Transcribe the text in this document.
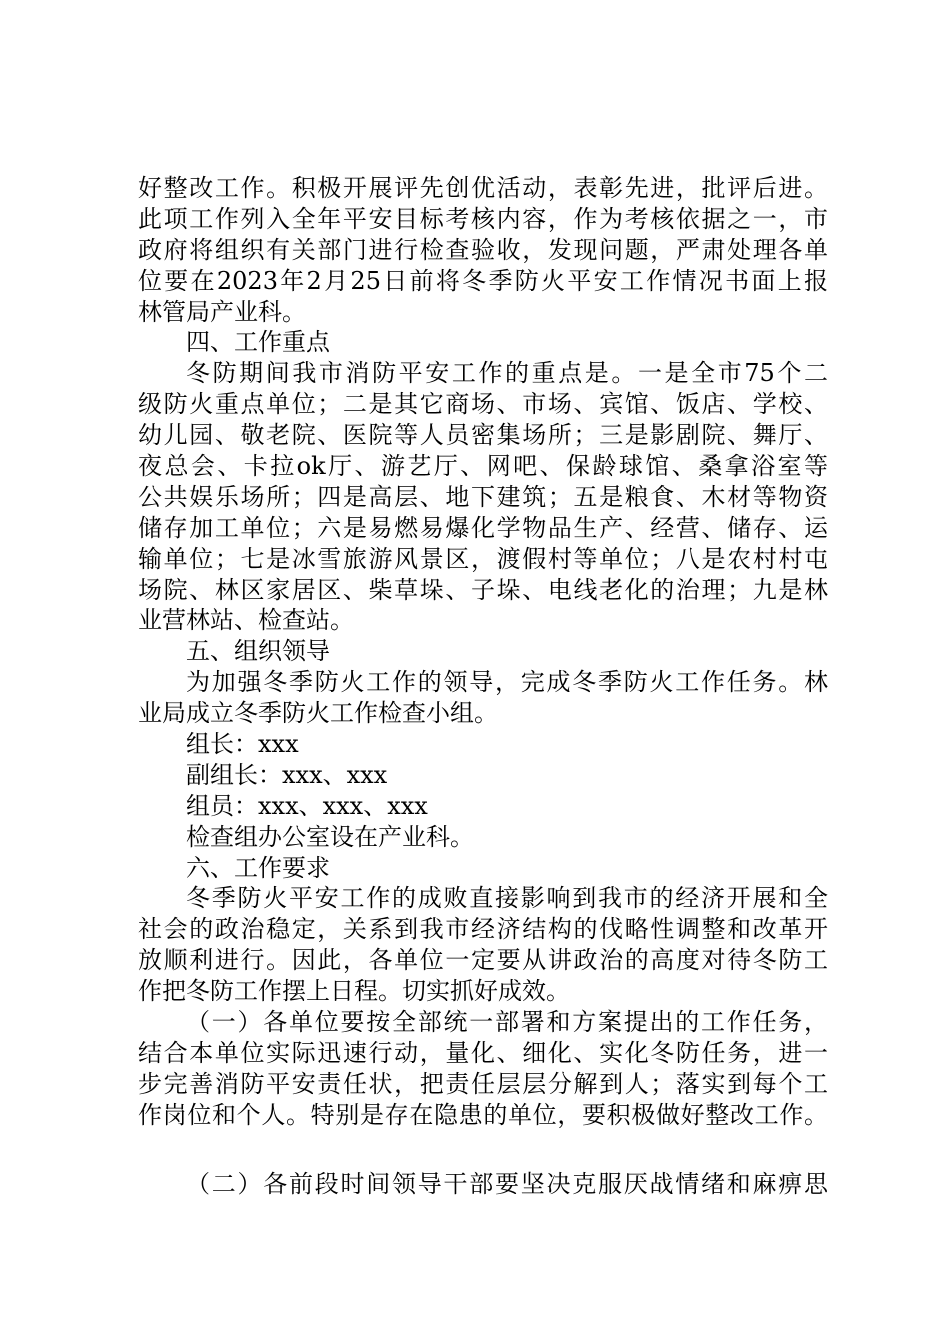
好整改工作。积极开展评先创优活动，表彰先进，批评后进。
此项工作列入全年平安目标考核内容，作为考核依据之一，市
政府将组织有关部门进行检查验收，发现问题，严肃处理各单
位要在2023年2月25日前将冬季防火平安工作情况书面上报
林管局产业科。
四、工作重点
冬防期间我市消防平安工作的重点是。一是全市75个二
级防火重点单位；二是其它商场、市场、宾馆、饭店、学校、
幼儿园、敬老院、医院等人员密集场所；三是影剧院、舞厅、
夜总会、卡拉ok厅、游艺厅、网吧、保龄球馆、桑拿浴室等
公共娱乐场所；四是高层、地下建筑；五是粮食、木材等物资
储存加工单位；六是易燃易爆化学物品生产、经营、储存、运
输单位；七是冰雪旅游风景区，渡假村等单位；八是农村村屯
场院、林区家居区、柴草垛、子垛、电线老化的治理；九是林
业营林站、检查站。
五、组织领导
为加强冬季防火工作的领导，完成冬季防火工作任务。林
业局成立冬季防火工作检查小组。
组长：xxx
副组长：xxx、xxx
组员：xxx、xxx、xxx
检查组办公室设在产业科。
六、工作要求
冬季防火平安工作的成败直接影响到我市的经济开展和全
社会的政治稳定，关系到我市经济结构的伐略性调整和改革开
放顺利进行。因此，各单位一定要从讲政治的高度对待冬防工
作把冬防工作摆上日程。切实抓好成效。
（一）各单位要按全部统一部署和方案提出的工作任务，
结合本单位实际迅速行动，量化、细化、实化冬防任务，进一
步完善消防平安责任状，把责任层层分解到人；落实到每个工
作岗位和个人。特别是存在隐患的单位，要积极做好整改工作。
（二）各前段时间领导干部要坚决克服厌战情绪和麻痹思
